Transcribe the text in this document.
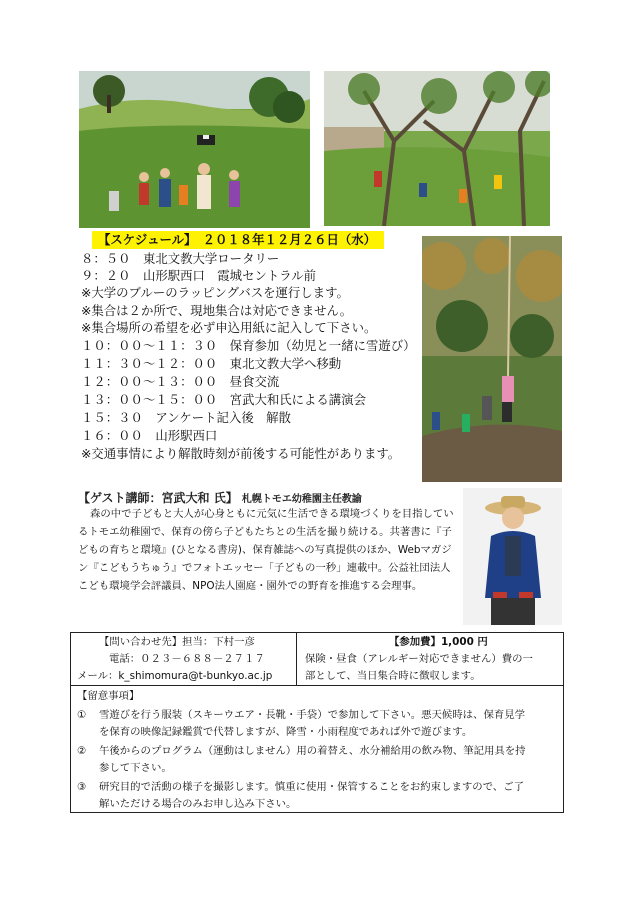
【スケジュール】　２０１８年１２月２６日（水）
８：５０　東北文教大学ロータリー
９：２０　山形駅西口　霞城セントラル前
※大学のブルーのラッピングバスを運行します。
※集合は２か所で、現地集合は対応できません。
※集合場所の希望を必ず申込用紙に記入して下さい。
１０：００～１１：３０　保育参加（幼児と一緒に雪遊び）
１１：３０～１２：００　東北文教大学へ移動
１２：００～１３：００　昼食交流
１３：００～１５：００　宮武大和氏による講演会
１５：３０　アンケート記入後　解散
１６：００　山形駅西口
※交通事情により解散時刻が前後する可能性があります。
【ゲスト講師：宮武大和 氏】 札幌トモエ幼稚園主任教諭
森の中で子どもと大人が心身ともに元気に生活できる環境づくりを目指しているトモエ幼稚園で、保育の傍ら子どもたちとの生活を撮り続ける。共著書に『子どもの育ちと環境』(ひとなる書房)、保育雑誌への写真提供のほか、Webマガジン『こどもうちゅう』でフォトエッセー「子どもの一秒」連載中。公益社団法人こども環境学会評議員、NPO法人園庭・園外での野育を推進する会理事。
【問い合わせ先】担当：下村一彦
電話：０２３－６８８－２７１７
メール：k_shimomura@t-bunkyo.ac.jp
【参加費】1,000 円
保険・昼食（アレルギー対応できません）費の一
部として、当日集合時に徴収します。
【留意事項】
① 雪遊びを行う服装（スキーウエア・長靴・手袋）で参加して下さい。悪天候時は、保育見学
を保育の映像記録鑑賞で代替しますが、降雪・小雨程度であれば外で遊びます。
② 午後からのプログラム（運動はしません）用の着替え、水分補給用の飲み物、筆記用具を持
参して下さい。
③ 研究目的で活動の様子を撮影します。慎重に使用・保管することをお約束しますので、ご了
解いただける場合のみお申し込み下さい。
